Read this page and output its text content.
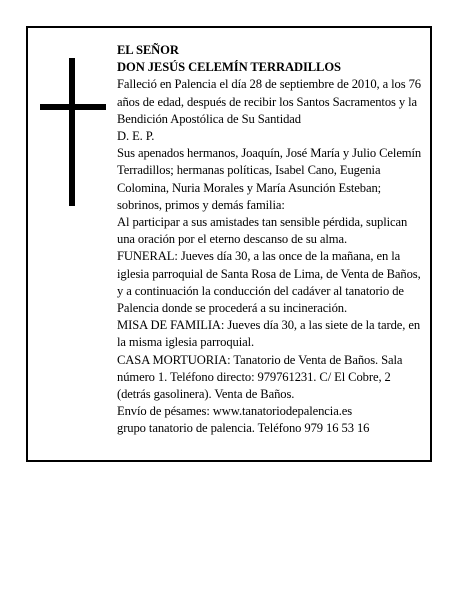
EL SEÑOR

DON JESÚS CELEMÍN TERRADILLOS

Falleció en Palencia el día 28 de septiembre de 2010, a los 76 años de edad, después de recibir los Santos Sacramentos y la Bendición Apostólica de Su Santidad

D. E. P.

Sus apenados hermanos, Joaquín, José María y Julio Celemín Terradillos; hermanas políticas, Isabel Cano, Eugenia Colomina, Nuria Morales y María Asunción Esteban; sobrinos, primos y demás familia:

Al participar a sus amistades tan sensible pérdida, suplican una oración por el eterno descanso de su alma.

FUNERAL: Jueves día 30, a las once de la mañana, en la iglesia parroquial de Santa Rosa de Lima, de Venta de Baños, y a continuación la conducción del cadáver al tanatorio de Palencia donde se procederá a su incineración.

MISA DE FAMILIA: Jueves día 30, a las siete de la tarde, en la misma iglesia parroquial.

CASA MORTUORIA: Tanatorio de Venta de Baños. Sala número 1. Teléfono directo: 979761231. C/ El Cobre, 2 (detrás gasolinera). Venta de Baños.

Envío de pésames: www.tanatoriodepalencia.es

grupo tanatorio de palencia. Teléfono 979 16 53 16
